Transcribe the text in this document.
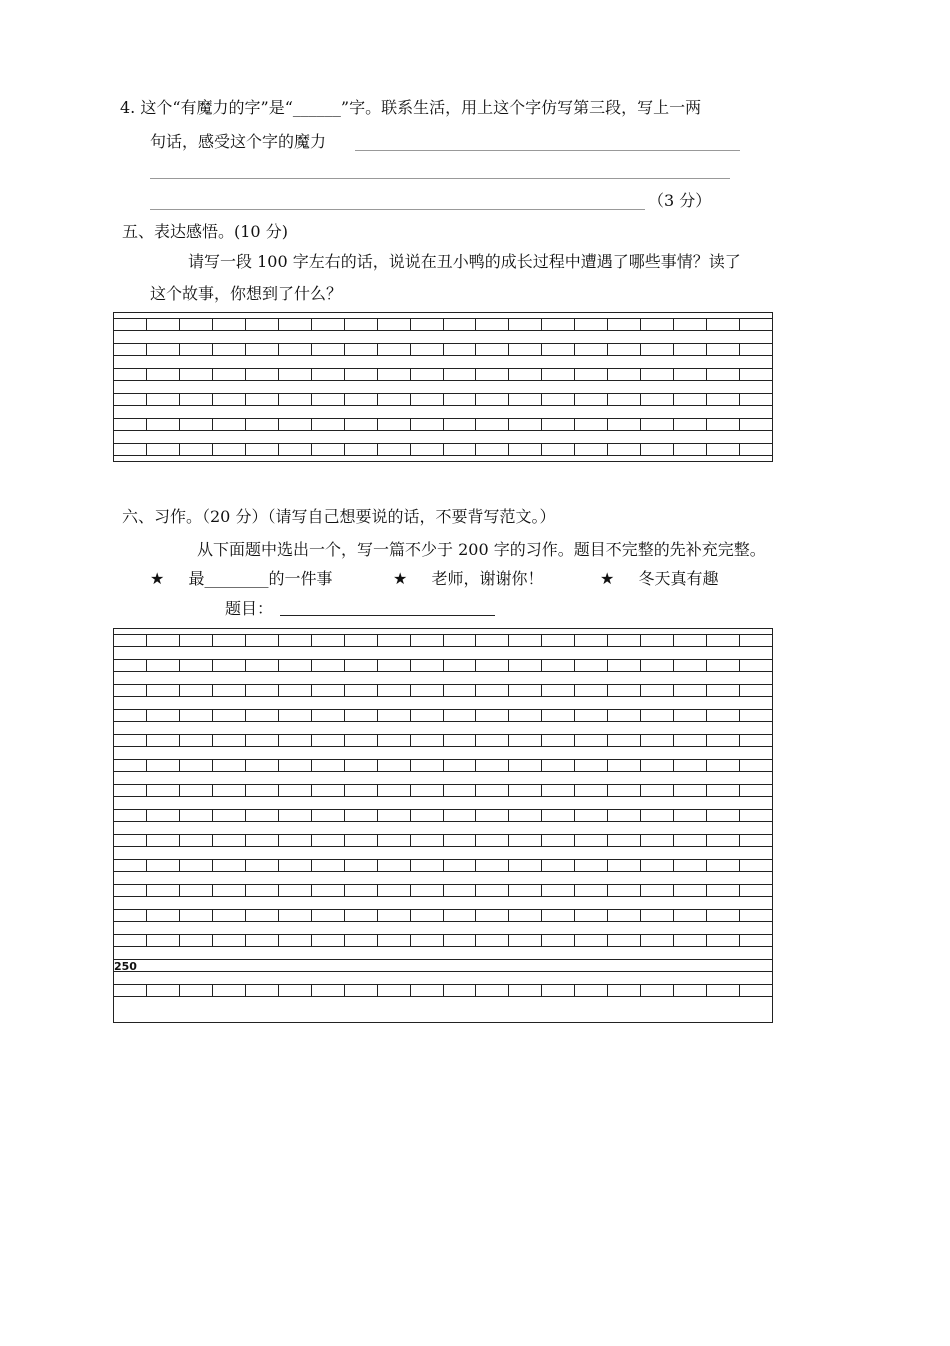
4. 这个“有魔力的字”是“______”字。联系生活，用上这个字仿写第三段，写上一两
句话，感受这个字的魔力
（3 分）
五、表达感悟。(10 分)
请写一段 100 字左右的话，说说在丑小鸭的成长过程中遭遇了哪些事情？读了
这个故事，你想到了什么？
六、习作。（20 分）（请写自己想要说的话，不要背写范文。）
从下面题中选出一个，写一篇不少于 200 字的习作。题目不完整的先补充完整。
★ 最________的一件事	★ 老师，谢谢你！	★ 冬天真有趣
题目：
250
